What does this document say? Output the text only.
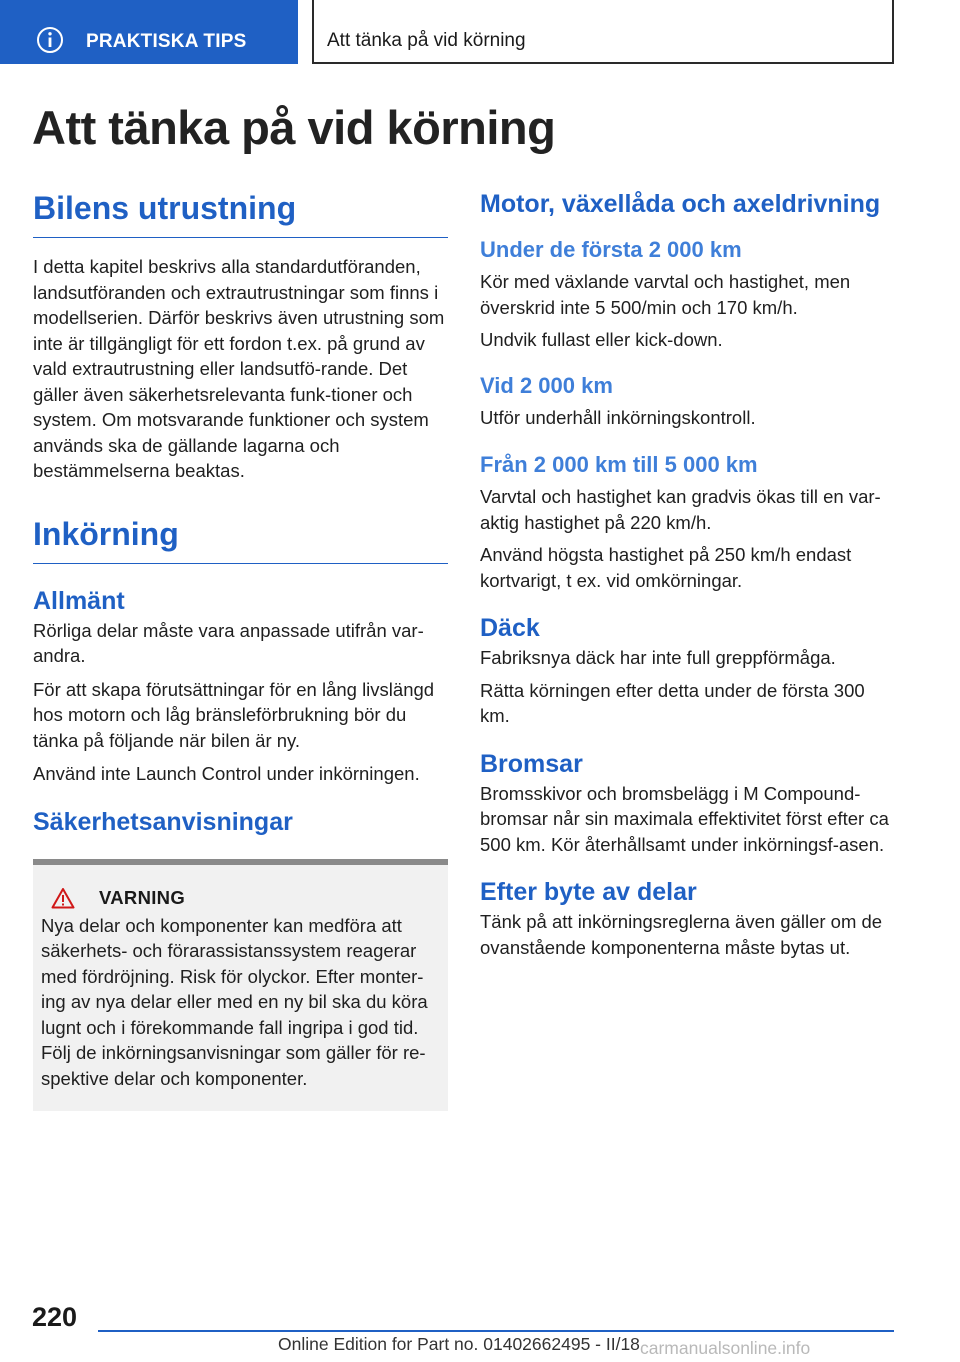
PRAKTISKA TIPS	Att tänka på vid körning
Att tänka på vid körning
Bilens utrustning

I detta kapitel beskrivs alla standardutföranden, landsutföranden och extrautrustningar som finns i modellserien. Därför beskrivs även utrustning som inte är tillgängligt för ett fordon t.ex. på grund av vald extrautrustning eller landsutfö-rande. Det gäller även säkerhetsrelevanta funk-tioner och system. Om motsvarande funktioner och system används ska de gällande lagarna och bestämmelserna beaktas.

Inkörning
Allmänt

Rörliga delar måste vara anpassade utifrån var-andra.

För att skapa förutsättningar för en lång livslängd hos motorn och låg bränsleförbrukning bör du tänka på följande när bilen är ny.

Använd inte Launch Control under inkörningen.

Säkerhetsanvisningar
VARNING

Nya delar och komponenter kan medföra att säkerhets- och förarassistanssystem reagerar med fördröjning. Risk för olyckor. Efter monter-ing av nya delar eller med en ny bil ska du köra lugnt och i förekommande fall ingripa i god tid. Följ de inkörningsanvisningar som gäller för re-spektive delar och komponenter.

Motor, växellåda och axeldrivning
Under de första 2 000 km

Kör med växlande varvtal och hastighet, men överskrid inte 5 500/min och 170 km/h.

Undvik fullast eller kick-down.

Vid 2 000 km

Utför underhåll inkörningskontroll.

Från 2 000 km till 5 000 km

Varvtal och hastighet kan gradvis ökas till en var-aktig hastighet på 220 km/h.

Använd högsta hastighet på 250 km/h endast kortvarigt, t ex. vid omkörningar.

Däck

Fabriksnya däck har inte full greppförmåga.

Rätta körningen efter detta under de första 300 km.

Bromsar

Bromsskivor och bromsbelägg i M Compound-bromsar når sin maximala effektivitet först efter ca 500 km. Kör återhållsamt under inkörningsf-asen.

Efter byte av delar

Tänk på att inkörningsreglerna även gäller om de ovanstående komponenterna måste bytas ut.

220
Online Edition for Part no. 01402662495 - II/18 carmanualsonline.info
